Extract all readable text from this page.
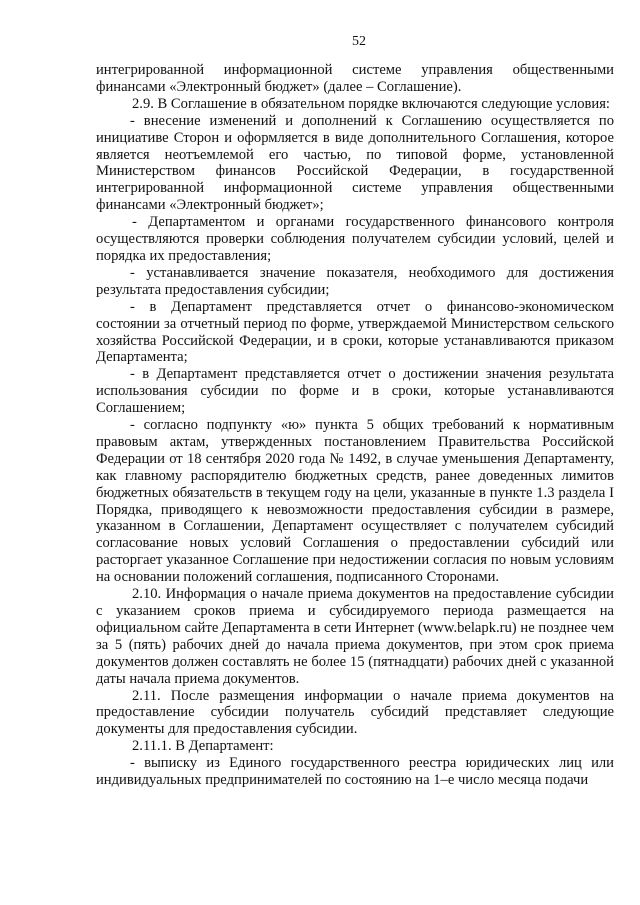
52

интегрированной информационной системе управления общественными финансами «Электронный бюджет» (далее – Соглашение).

2.9. В Соглашение в обязательном порядке включаются следующие условия:

- внесение изменений и дополнений к Соглашению осуществляется по инициативе Сторон и оформляется в виде дополнительного Соглашения, которое является неотъемлемой его частью, по типовой форме, установленной Министерством финансов Российской Федерации, в государственной интегрированной информационной системе управления общественными финансами «Электронный бюджет»;

- Департаментом и органами государственного финансового контроля осуществляются проверки соблюдения получателем субсидии условий, целей и порядка их предоставления;

- устанавливается значение показателя, необходимого для достижения результата предоставления субсидии;

- в Департамент представляется отчет о финансово-экономическом состоянии за отчетный период по форме, утверждаемой Министерством сельского хозяйства Российской Федерации, и в сроки, которые устанавливаются приказом Департамента;

- в Департамент представляется отчет о достижении значения результата использования субсидии по форме и в сроки, которые устанавливаются Соглашением;

- согласно подпункту «ю» пункта 5 общих требований к нормативным правовым актам, утвержденных постановлением Правительства Российской Федерации от 18 сентября 2020 года № 1492, в случае уменьшения Департаменту, как главному распорядителю бюджетных средств, ранее доведенных лимитов бюджетных обязательств в текущем году на цели, указанные в пункте 1.3 раздела I Порядка, приводящего к невозможности предоставления субсидии в размере, указанном в Соглашении, Департамент осуществляет с получателем субсидий согласование новых условий Соглашения о предоставлении субсидий или расторгает указанное Соглашение при недостижении согласия по новым условиям на основании положений соглашения, подписанного Сторонами.

2.10. Информация о начале приема документов на предоставление субсидии с указанием сроков приема и субсидируемого периода размещается на официальном сайте Департамента в сети Интернет (www.belapk.ru) не позднее чем за 5 (пять) рабочих дней до начала приема документов, при этом срок приема документов должен составлять не более 15 (пятнадцати) рабочих дней с указанной даты начала приема документов.

2.11. После размещения информации о начале приема документов на предоставление субсидии получатель субсидий представляет следующие документы для предоставления субсидии.

2.11.1. В Департамент:

- выписку из Единого государственного реестра юридических лиц или индивидуальных предпринимателей по состоянию на 1–е число месяца подачи
